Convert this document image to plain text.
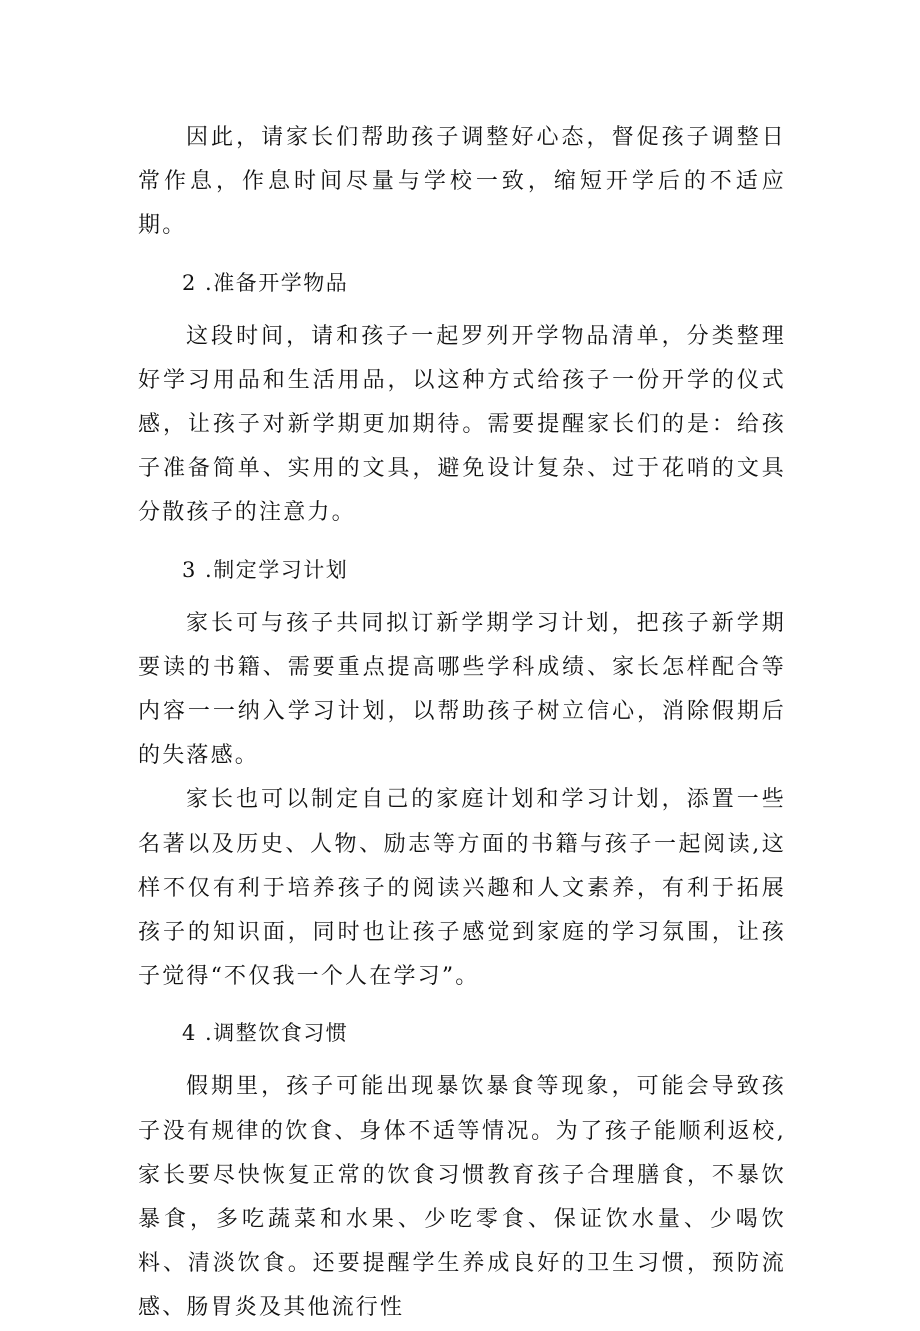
因此，请家长们帮助孩子调整好心态，督促孩子调整日常作息，作息时间尽量与学校一致，缩短开学后的不适应期。

2 .准备开学物品

这段时间，请和孩子一起罗列开学物品清单，分类整理好学习用品和生活用品，以这种方式给孩子一份开学的仪式感，让孩子对新学期更加期待。需要提醒家长们的是：给孩子准备简单、实用的文具，避免设计复杂、过于花哨的文具分散孩子的注意力。

3 .制定学习计划

家长可与孩子共同拟订新学期学习计划，把孩子新学期要读的书籍、需要重点提高哪些学科成绩、家长怎样配合等内容一一纳入学习计划，以帮助孩子树立信心，消除假期后的失落感。

家长也可以制定自己的家庭计划和学习计划，添置一些名著以及历史、人物、励志等方面的书籍与孩子一起阅读,这样不仅有利于培养孩子的阅读兴趣和人文素养，有利于拓展孩子的知识面，同时也让孩子感觉到家庭的学习氛围，让孩子觉得“不仅我一个人在学习”。

4 .调整饮食习惯

假期里，孩子可能出现暴饮暴食等现象，可能会导致孩子没有规律的饮食、身体不适等情况。为了孩子能顺利返校,家长要尽快恢复正常的饮食习惯教育孩子合理膳食，不暴饮暴食，多吃蔬菜和水果、少吃零食、保证饮水量、少喝饮料、清淡饮食。还要提醒学生养成良好的卫生习惯，预防流感、肠胃炎及其他流行性
